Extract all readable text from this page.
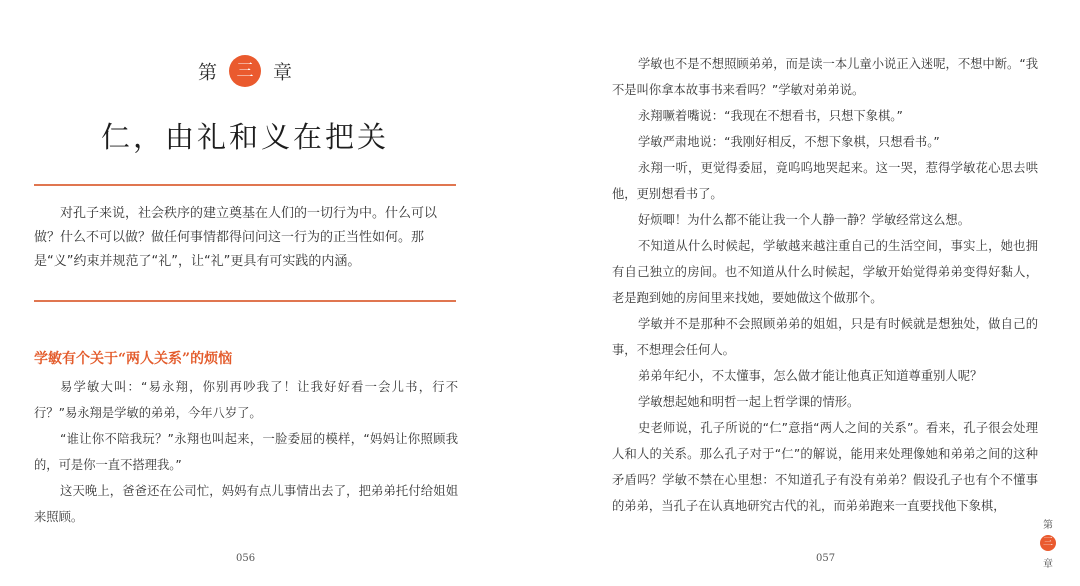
第 三 章
仁，由礼和义在把关

对孔子来说，社会秩序的建立奠基在人们的一切行为中。什么可以做？什么不可以做？做任何事情都得问问这一行为的正当性如何。那是“义”约束并规范了“礼”，让“礼”更具有可实践的内涵。

学敏有个关于“两人关系”的烦恼

易学敏大叫：“易永翔，你别再吵我了！让我好好看一会儿书，行不行？”易永翔是学敏的弟弟，今年八岁了。

“谁让你不陪我玩？”永翔也叫起来，一脸委屈的模样，“妈妈让你照顾我的，可是你一直不搭理我。”

这天晚上，爸爸还在公司忙，妈妈有点儿事情出去了，把弟弟托付给姐姐来照顾。

056

学敏也不是不想照顾弟弟，而是读一本儿童小说正入迷呢，不想中断。“我不是叫你拿本故事书来看吗？”学敏对弟弟说。

永翔噘着嘴说：“我现在不想看书，只想下象棋。”

学敏严肃地说：“我刚好相反，不想下象棋，只想看书。”

永翔一听，更觉得委屈，竟呜呜地哭起来。这一哭，惹得学敏花心思去哄他，更别想看书了。

好烦唧！为什么都不能让我一个人静一静？学敏经常这么想。

不知道从什么时候起，学敏越来越注重自己的生活空间，事实上，她也拥有自己独立的房间。也不知道从什么时候起，学敏开始觉得弟弟变得好黏人，老是跑到她的房间里来找她，要她做这个做那个。

学敏并不是那种不会照顾弟弟的姐姐，只是有时候就是想独处，做自己的事，不想理会任何人。

弟弟年纪小，不太懂事，怎么做才能让他真正知道尊重别人呢？

学敏想起她和明哲一起上哲学课的情形。

史老师说，孔子所说的“仁”意指“两人之间的关系”。看来，孔子很会处理人和人的关系。那么孔子对于“仁”的解说，能用来处理像她和弟弟之间的这种矛盾吗？学敏不禁在心里想：不知道孔子有没有弟弟？假设孔子也有个不懂事的弟弟，当孔子在认真地研究古代的礼，而弟弟跑来一直要找他下象棋，

057
第
三
章
